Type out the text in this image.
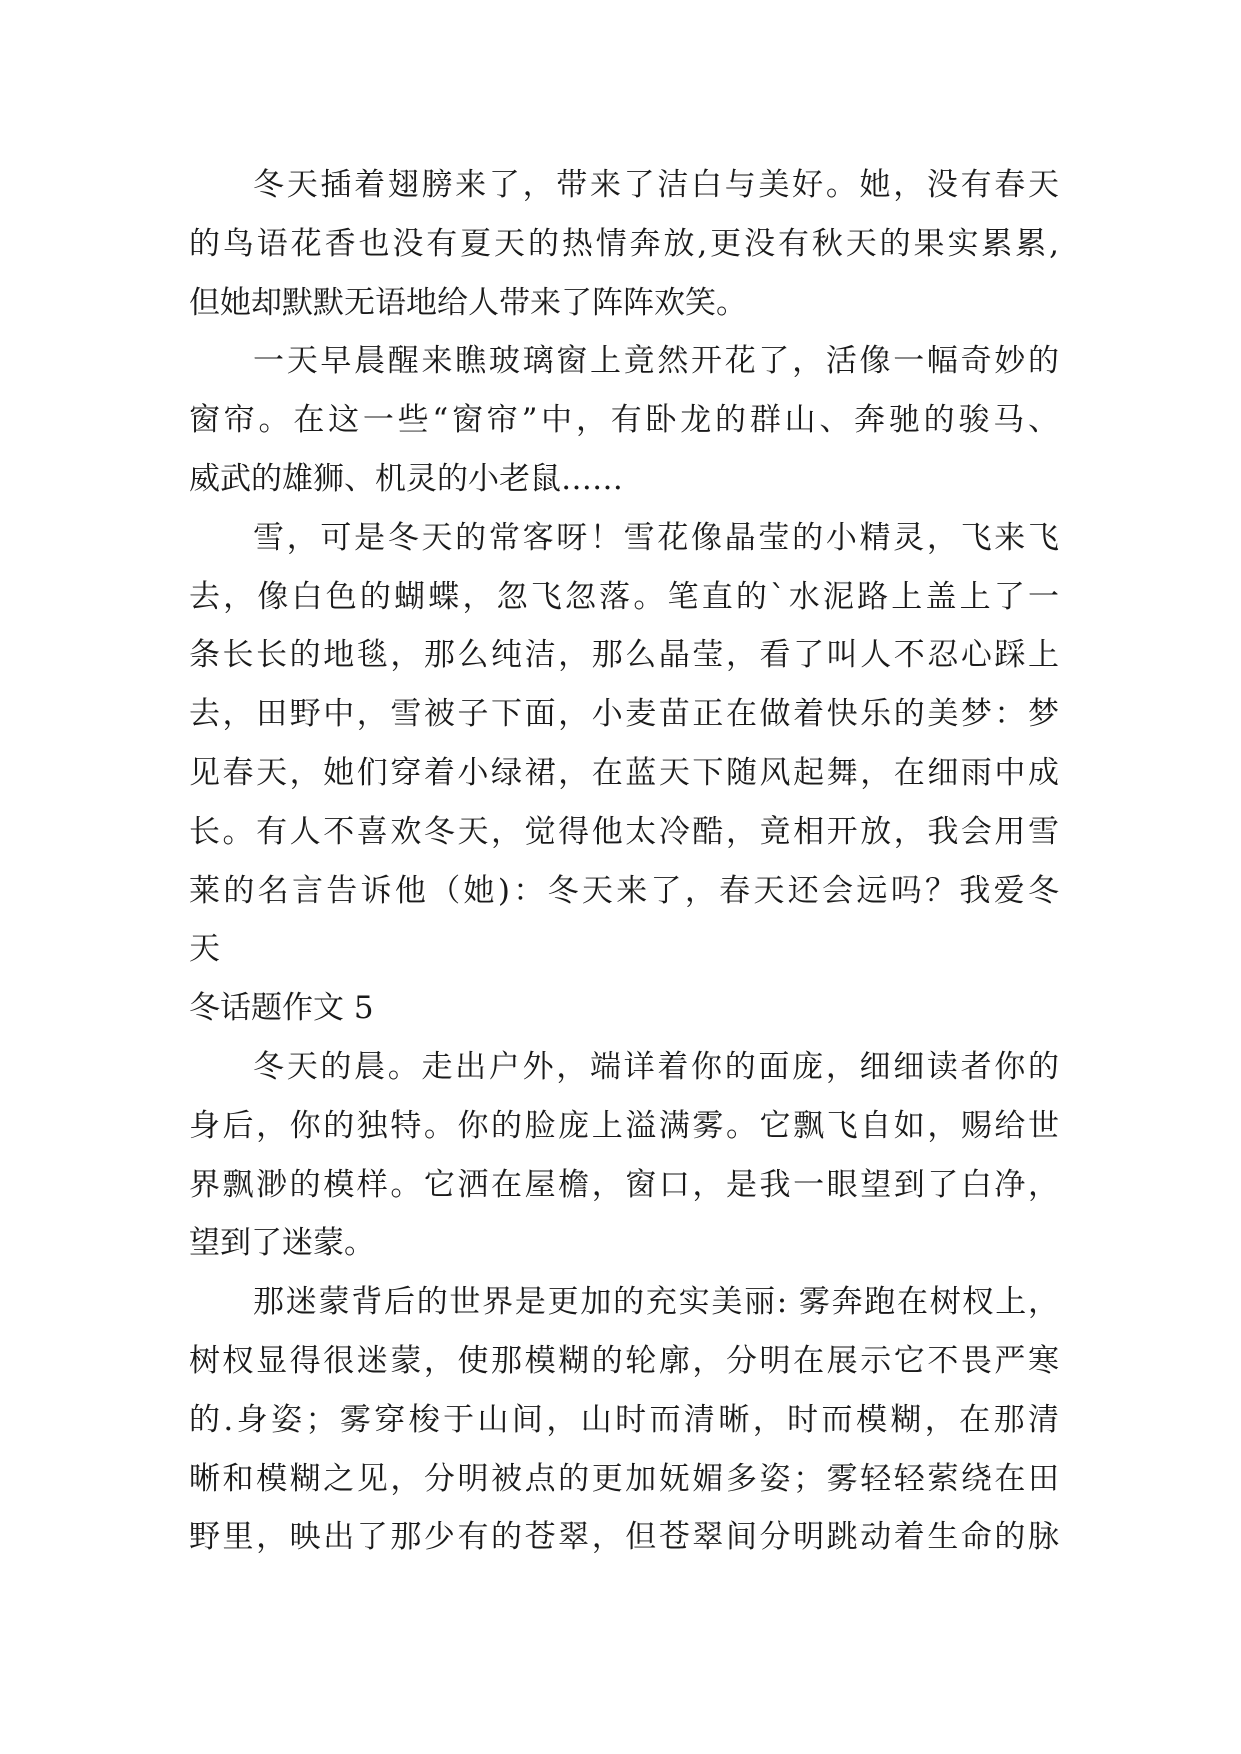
冬天插着翅膀来了，带来了洁白与美好。她，没有春天
的鸟语花香也没有夏天的热情奔放,更没有秋天的果实累累,
但她却默默无语地给人带来了阵阵欢笑。
一天早晨醒来瞧玻璃窗上竟然开花了，活像一幅奇妙的
窗帘。在这一些“窗帘”中，有卧龙的群山、奔驰的骏马、
威武的雄狮、机灵的小老鼠……
雪，可是冬天的常客呀！雪花像晶莹的小精灵，飞来飞
去，像白色的蝴蝶，忽飞忽落。笔直的`水泥路上盖上了一
条长长的地毯，那么纯洁，那么晶莹，看了叫人不忍心踩上
去，田野中，雪被子下面，小麦苗正在做着快乐的美梦：梦
见春天，她们穿着小绿裙，在蓝天下随风起舞，在细雨中成
长。有人不喜欢冬天，觉得他太冷酷，竟相开放，我会用雪
莱的名言告诉他（她)：冬天来了，春天还会远吗？我爱冬
天
冬话题作文 5
冬天的晨。走出户外，端详着你的面庞，细细读者你的
身后，你的独特。你的脸庞上溢满雾。它飘飞自如，赐给世
界飘渺的模样。它洒在屋檐，窗口，是我一眼望到了白净，
望到了迷蒙。
那迷蒙背后的世界是更加的充实美丽: 雾奔跑在树杈上，
树杈显得很迷蒙，使那模糊的轮廓，分明在展示它不畏严寒
的.身姿；雾穿梭于山间，山时而清晰，时而模糊，在那清
晰和模糊之见，分明被点的更加妩媚多姿；雾轻轻萦绕在田
野里，映出了那少有的苍翠，但苍翠间分明跳动着生命的脉
